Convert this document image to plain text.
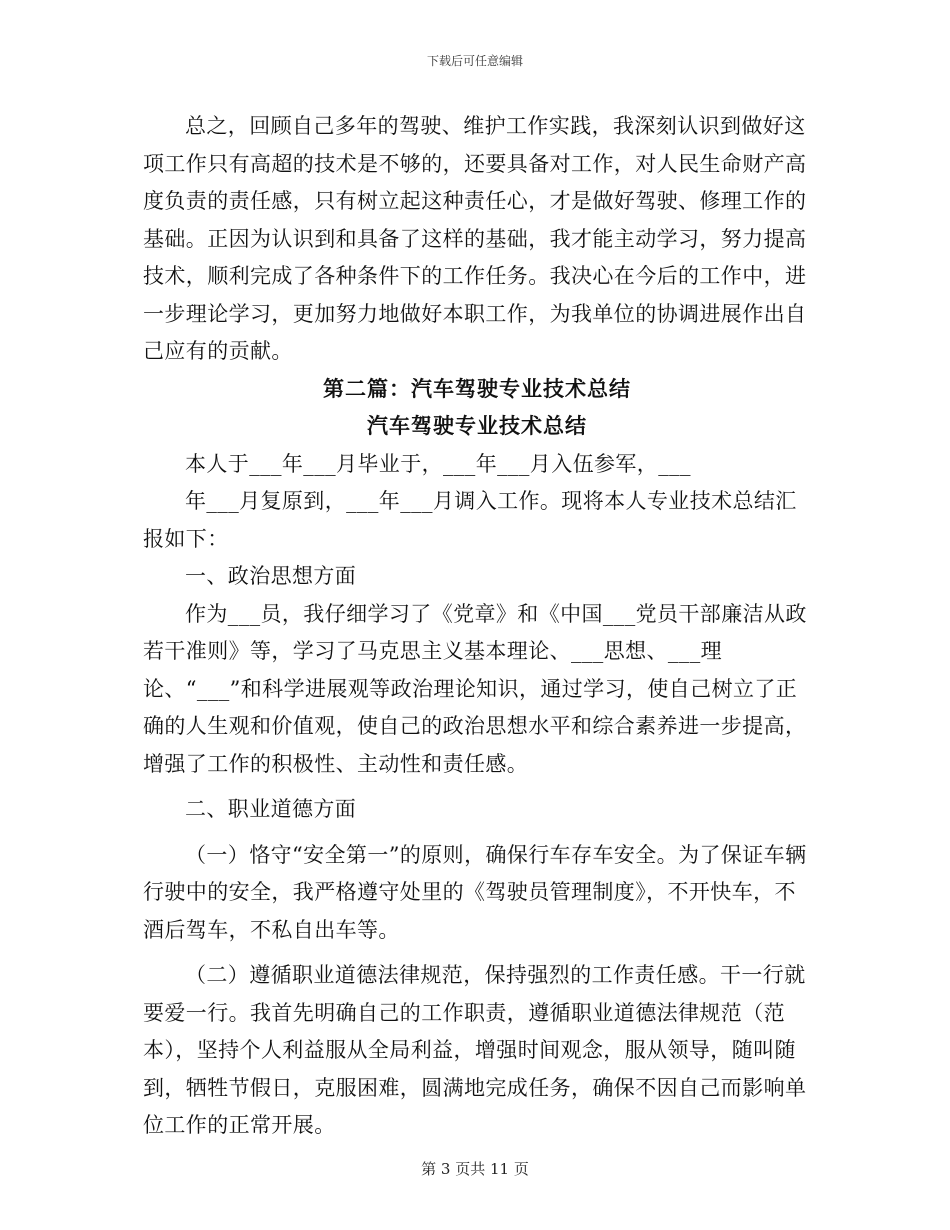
下载后可任意编辑

总之，回顾自己多年的驾驶、维护工作实践，我深刻认识到做好这项工作只有高超的技术是不够的，还要具备对工作，对人民生命财产高度负责的责任感，只有树立起这种责任心，才是做好驾驶、修理工作的基础。正因为认识到和具备了这样的基础，我才能主动学习，努力提高技术，顺利完成了各种条件下的工作任务。我决心在今后的工作中，进一步理论学习，更加努力地做好本职工作，为我单位的协调进展作出自己应有的贡献。

第二篇：汽车驾驶专业技术总结
汽车驾驶专业技术总结

本人于___年___月毕业于，___年___月入伍参军，___

年___月复原到，___年___月调入工作。现将本人专业技术总结汇

报如下：

一、政治思想方面

作为___员，我仔细学习了《党章》和《中国___党员干部廉洁从政若干准则》等，学习了马克思主义基本理论、___思想、___理论、“___”和科学进展观等政治理论知识，通过学习，使自己树立了正确的人生观和价值观，使自己的政治思想水平和综合素养进一步提高，增强了工作的积极性、主动性和责任感。

二、职业道德方面

（一）恪守“安全第一”的原则，确保行车存车安全。为了保证车辆行驶中的安全，我严格遵守处里的《驾驶员管理制度》，不开快车，不酒后驾车，不私自出车等。

（二）遵循职业道德法律规范，保持强烈的工作责任感。干一行就要爱一行。我首先明确自己的工作职责，遵循职业道德法律规范（范本），坚持个人利益服从全局利益，增强时间观念，服从领导，随叫随到，牺牲节假日，克服困难，圆满地完成任务，确保不因自己而影响单位工作的正常开展。

第 3 页共 11 页
